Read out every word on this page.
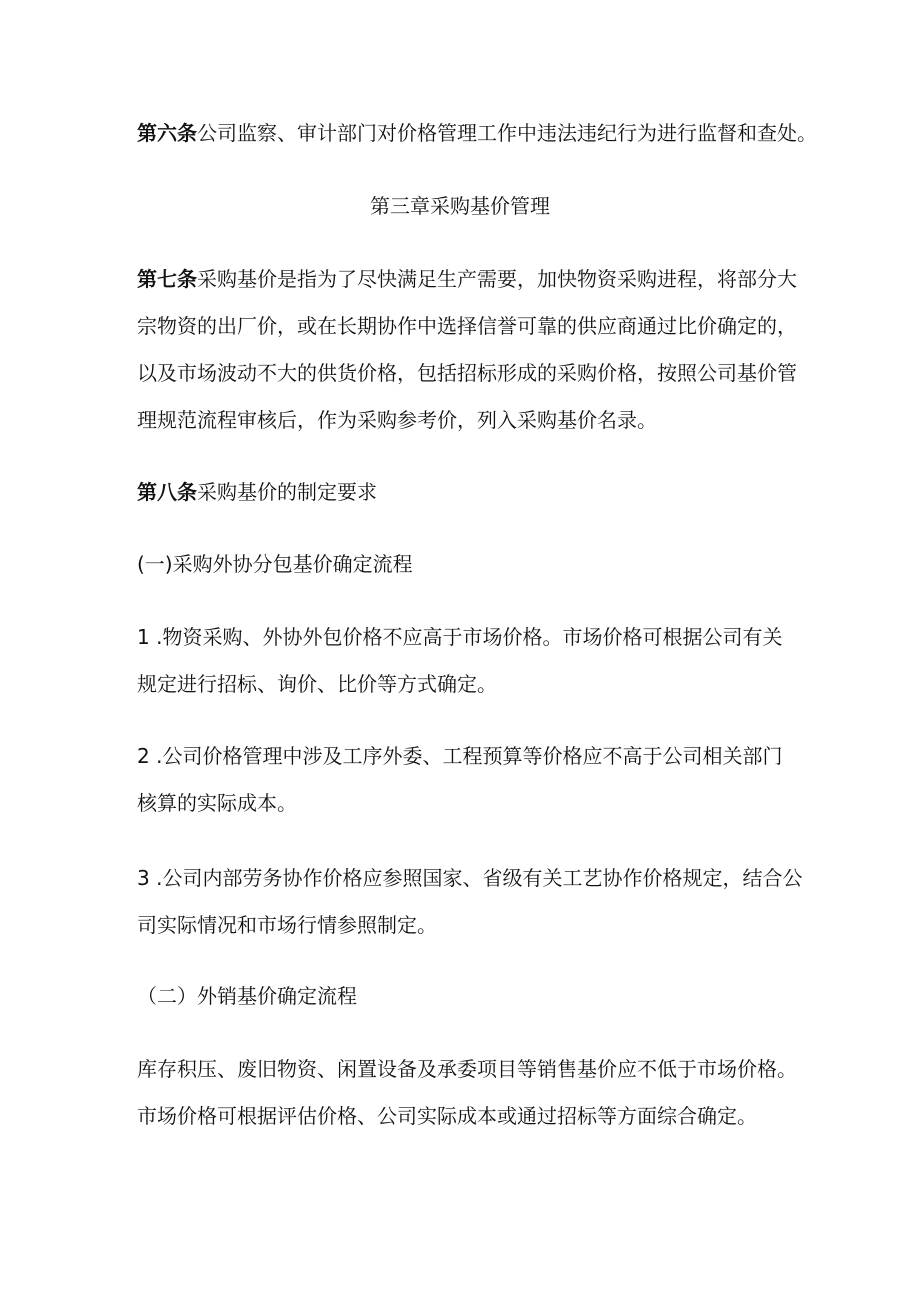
第六条公司监察、审计部门对价格管理工作中违法违纪行为进行监督和查处。

第三章采购基价管理

第七条采购基价是指为了尽快满足生产需要，加快物资采购进程，将部分大
宗物资的出厂价，或在长期协作中选择信誉可靠的供应商通过比价确定的，
以及市场波动不大的供货价格，包括招标形成的采购价格，按照公司基价管
理规范流程审核后，作为采购参考价，列入采购基价名录。

第八条采购基价的制定要求

(一)采购外协分包基价确定流程

1 .物资采购、外协外包价格不应高于市场价格。市场价格可根据公司有关
规定进行招标、询价、比价等方式确定。

2 .公司价格管理中涉及工序外委、工程预算等价格应不高于公司相关部门
核算的实际成本。

3 .公司内部劳务协作价格应参照国家、省级有关工艺协作价格规定，结合公
司实际情况和市场行情参照制定。

（二）外销基价确定流程

库存积压、废旧物资、闲置设备及承委项目等销售基价应不低于市场价格。
市场价格可根据评估价格、公司实际成本或通过招标等方面综合确定。
